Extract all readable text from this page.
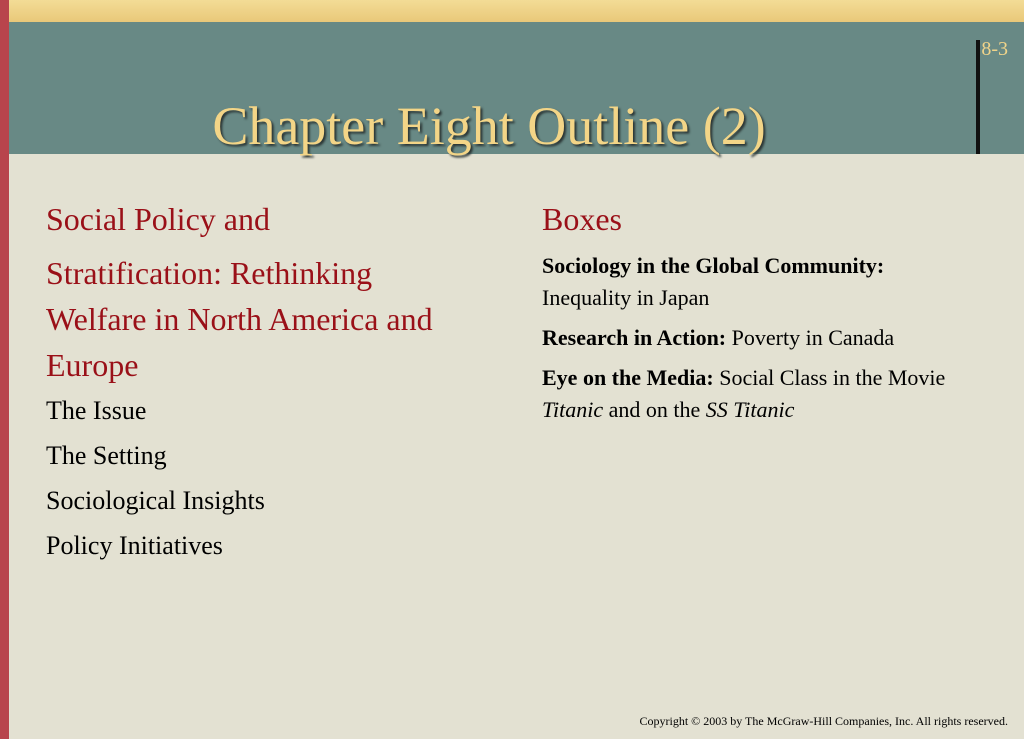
8-3
Chapter Eight Outline (2)
Social Policy and
Stratification: Rethinking Welfare in North America and Europe
The Issue
The Setting
Sociological Insights
Policy Initiatives
Boxes
Sociology in the Global Community: Inequality in Japan
Research in Action: Poverty in Canada
Eye on the Media: Social Class in the Movie Titanic and on the SS Titanic
Copyright © 2003 by The McGraw-Hill Companies, Inc. All rights reserved.
